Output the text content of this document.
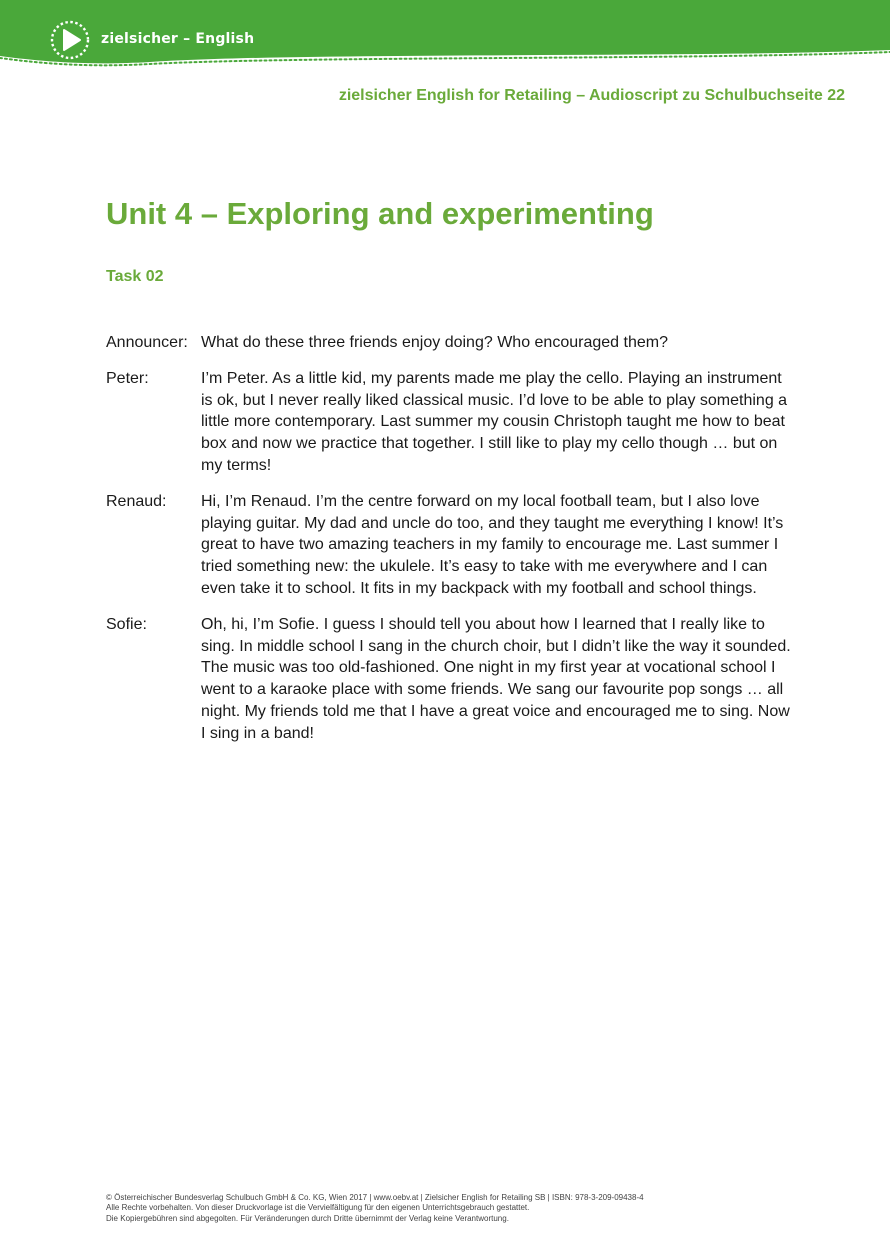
zielsicher – English
zielsicher English for Retailing – Audioscript zu Schulbuchseite 22
Unit 4 – Exploring and experimenting
Task 02
Announcer: What do these three friends enjoy doing? Who encouraged them?
Peter:	I’m Peter. As a little kid, my parents made me play the cello. Playing an instrument is ok, but I never really liked classical music. I’d love to be able to play something a little more contemporary. Last summer my cousin Christoph taught me how to beat box and now we practice that together. I still like to play my cello though … but on my terms!
Renaud:	Hi, I’m Renaud. I’m the centre forward on my local football team, but I also love playing guitar. My dad and uncle do too, and they taught me everything I know! It’s great to have two amazing teachers in my family to encourage me. Last summer I tried something new: the ukulele. It’s easy to take with me everywhere and I can even take it to school. It fits in my backpack with my football and school things.
Sofie:	Oh, hi, I’m Sofie. I guess I should tell you about how I learned that I really like to sing. In middle school I sang in the church choir, but I didn’t like the way it sounded. The music was too old-fashioned. One night in my first year at vocational school I went to a karaoke place with some friends. We sang our favourite pop songs … all night. My friends told me that I have a great voice and encouraged me to sing. Now I sing in a band!
© Österreichischer Bundesverlag Schulbuch GmbH & Co. KG, Wien 2017 | www.oebv.at | Zielsicher English for Retailing SB | ISBN: 978-3-209-09438-4
Alle Rechte vorbehalten. Von dieser Druckvorlage ist die Vervielfältigung für den eigenen Unterrichtsgebrauch gestattet.
Die Kopiergebühren sind abgegolten. Für Veränderungen durch Dritte übernimmt der Verlag keine Verantwortung.
